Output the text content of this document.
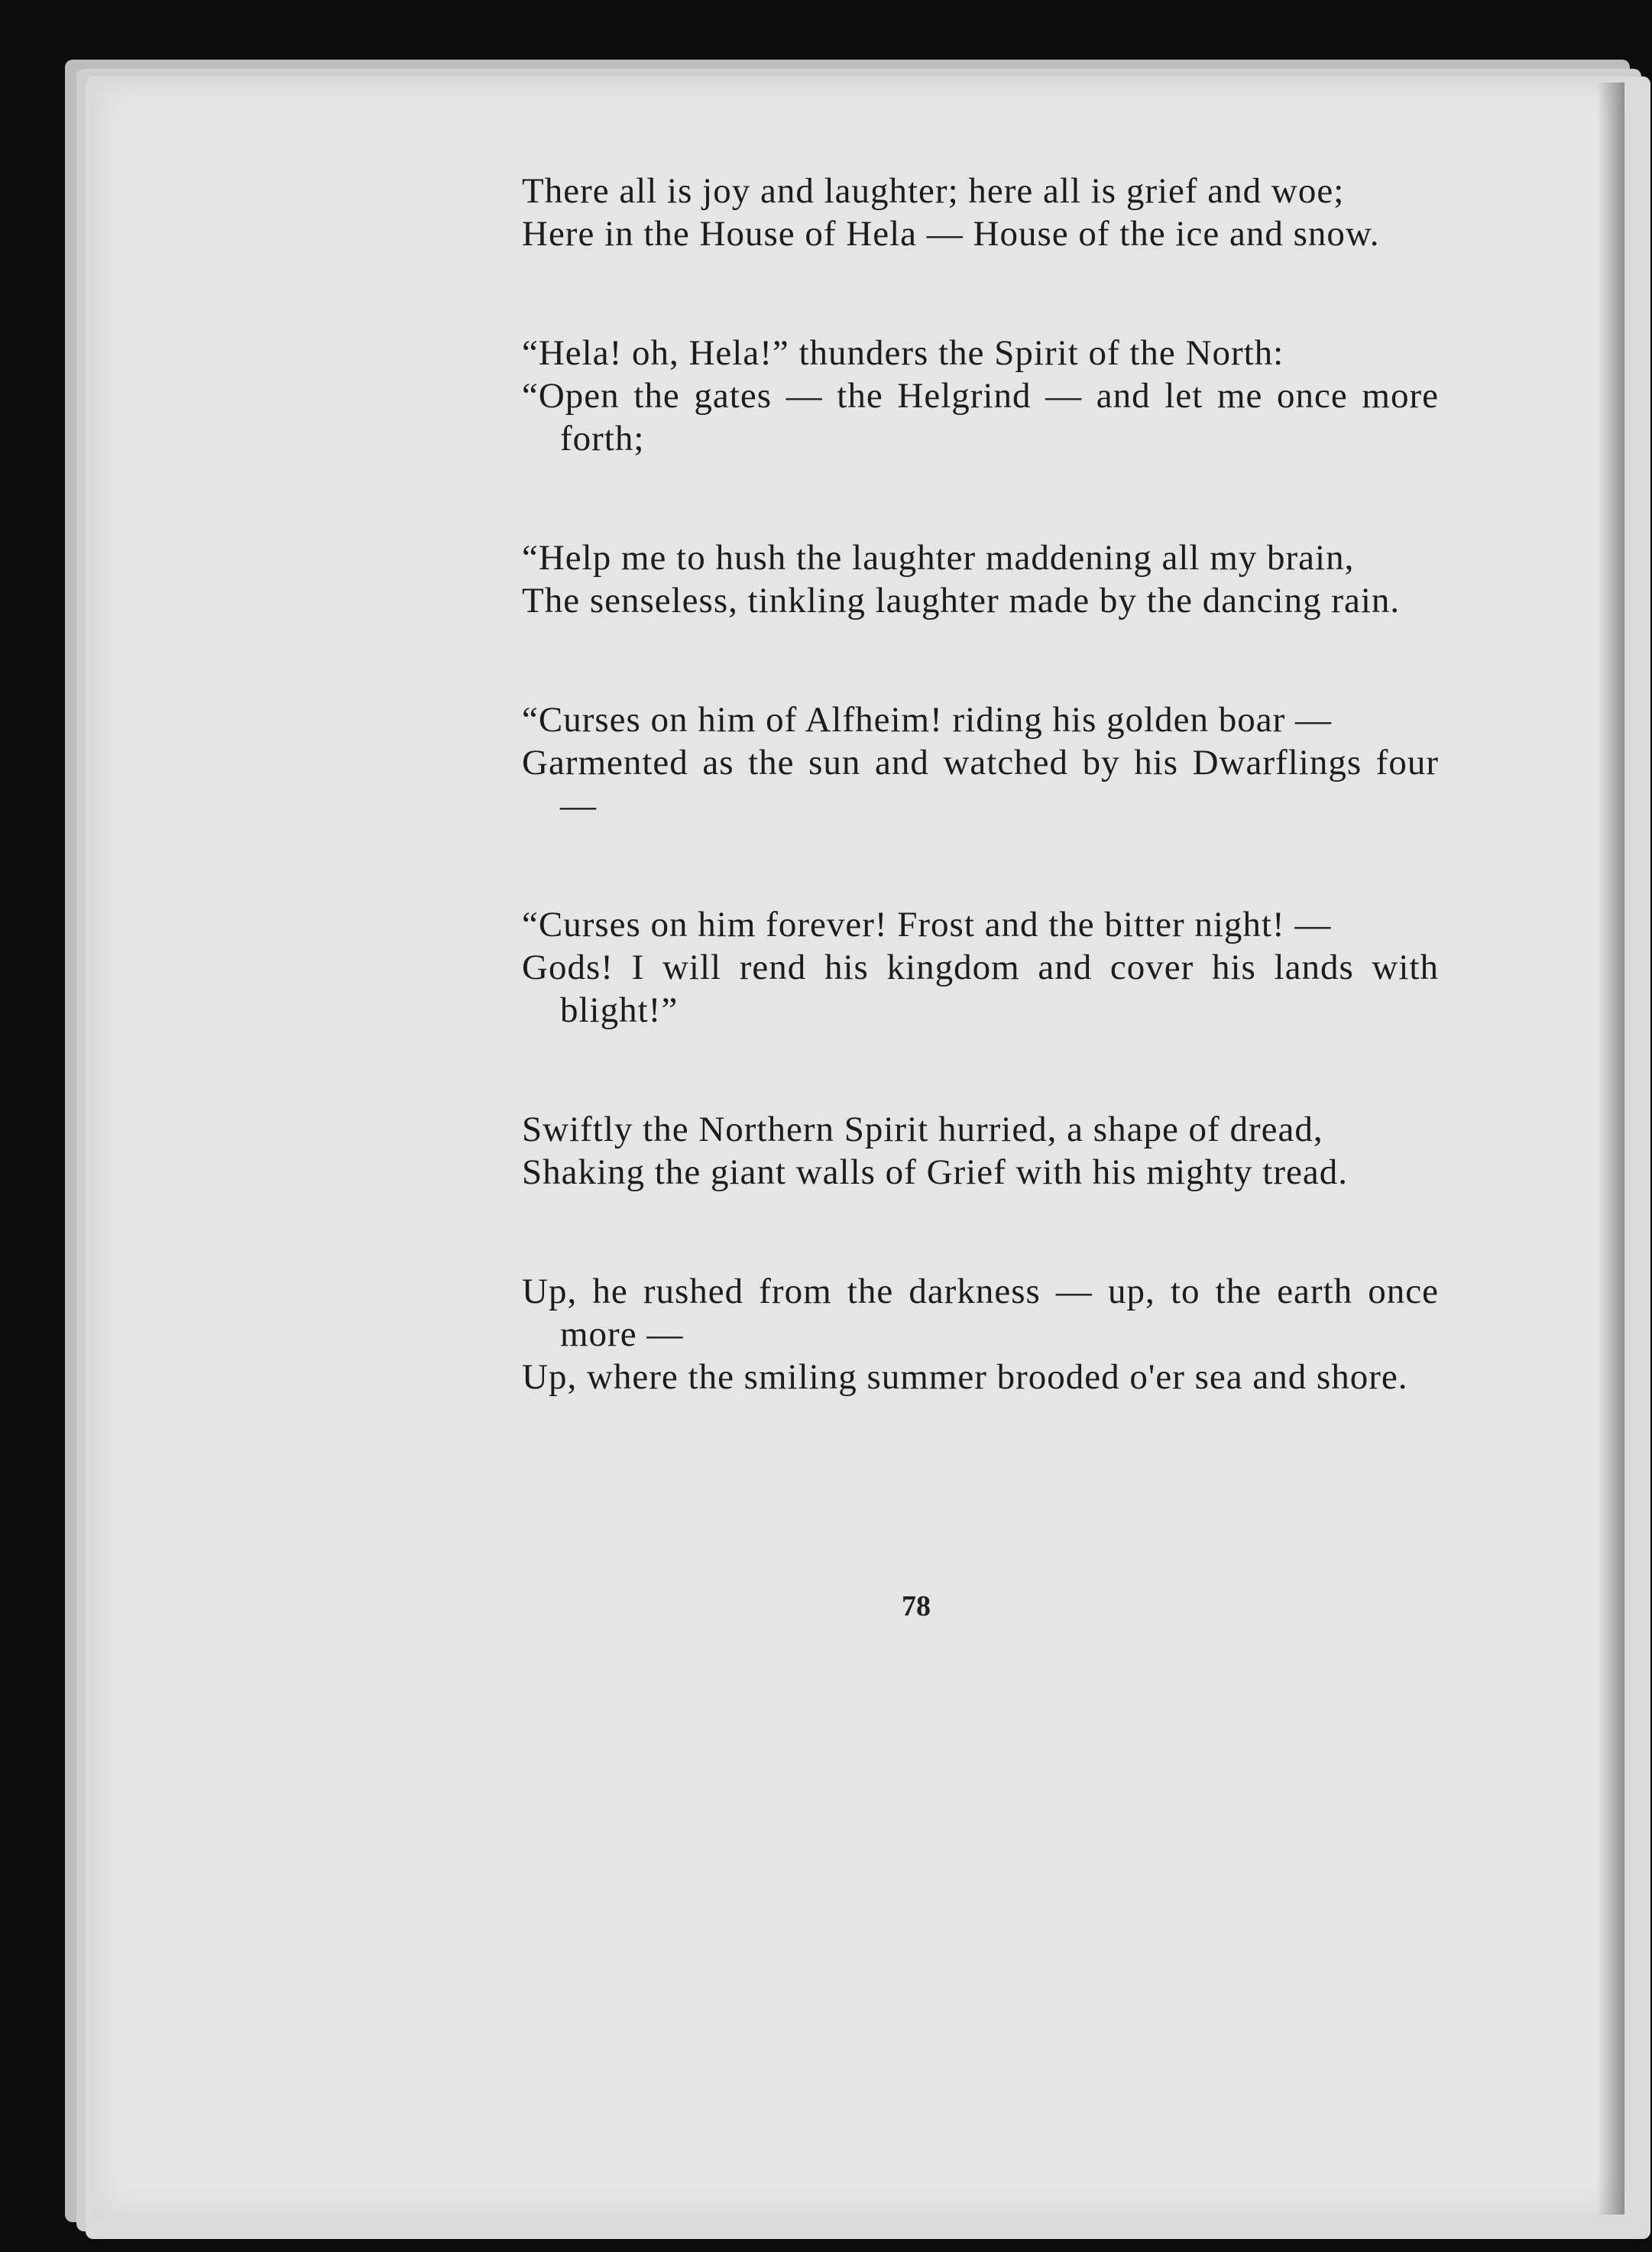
There all is joy and laughter; here all is grief and woe;
Here in the House of Hela — House of the ice and snow.
“Hela! oh, Hela!” thunders the Spirit of the North:
“Open the gates — the Helgrind — and let me once more forth;
“Help me to hush the laughter maddening all my brain,
The senseless, tinkling laughter made by the dancing rain.
“Curses on him of Alfheim! riding his golden boar —
Garmented as the sun and watched by his Dwarflings four —
“Curses on him forever! Frost and the bitter night! —
Gods! I will rend his kingdom and cover his lands with blight!”
Swiftly the Northern Spirit hurried, a shape of dread,
Shaking the giant walls of Grief with his mighty tread.
Up, he rushed from the darkness — up, to the earth once more —
Up, where the smiling summer brooded o'er sea and shore.
78
